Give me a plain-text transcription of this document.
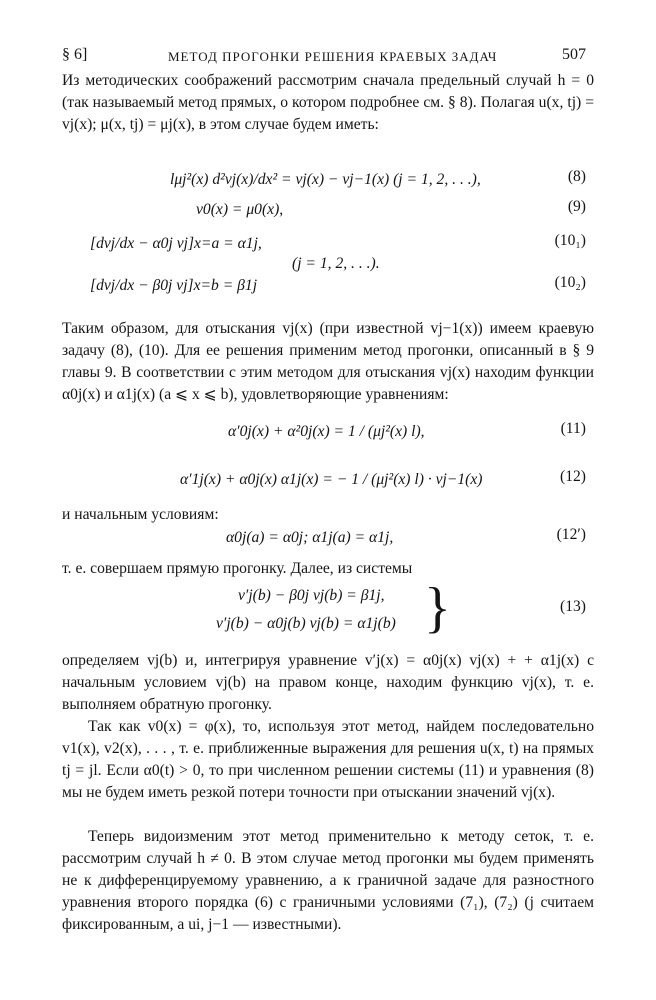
§ 6]	МЕТОД ПРОГОНКИ РЕШЕНИЯ КРАЕВЫХ ЗАДАЧ	507
Из методических соображений рассмотрим сначала предельный случай h = 0 (так называемый метод прямых, о котором подробнее см. § 8). Полагая u(x, tj) = vj(x); μ(x, tj) = μj(x), в этом случае будем иметь:
lμj²(x) d²vj(x)/dx² = vj(x) − vj−1(x) (j = 1, 2, . . .),	(8)
v0(x) = μ0(x),	(9)
[dvj/dx − α0j vj]x=a = α1j,	(10₁)
(j = 1, 2, . . .).
[dvj/dx − β0j vj]x=b = β1j	(10₂)
Таким образом, для отыскания vj(x) (при известной vj−1(x)) имеем краевую задачу (8), (10). Для ее решения применим метод прогонки, описанный в § 9 главы 9. В соответствии с этим методом для отыскания vj(x) находим функции α0j(x) и α1j(x) (a ⩽ x ⩽ b), удовлетворяющие уравнениям:
α′0j(x) + α²0j(x) = 1 / (μj²(x) l),	(11)
α′1j(x) + α0j(x) α1j(x) = − 1 / (μj²(x) l) · vj−1(x)	(12)
и начальным условиям:
α0j(a) = α0j; α1j(a) = α1j,	(12′)
т. е. совершаем прямую прогонку. Далее, из системы
v′j(b) − β0j vj(b) = β1j,
v′j(b) − α0j(b) vj(b) = α1j(b) }	(13)
определяем vj(b) и, интегрируя уравнение v′j(x) = α0j(x) vj(x) + + α1j(x) с начальным условием vj(b) на правом конце, находим функцию vj(x), т. е. выполняем обратную прогонку.
Так как v0(x) = φ(x), то, используя этот метод, найдем последовательно v1(x), v2(x), . . . , т. е. приближенные выражения для решения u(x, t) на прямых tj = jl. Если α0(t) > 0, то при численном решении системы (11) и уравнения (8) мы не будем иметь резкой потери точности при отыскании значений vj(x).
Теперь видоизменим этот метод применительно к методу сеток, т. е. рассмотрим случай h ≠ 0. В этом случае метод прогонки мы будем применять не к дифференцируемому уравнению, а к граничной задаче для разностного уравнения второго порядка (6) с граничными условиями (7₁), (7₂) (j считаем фиксированным, а ui, j−1 — известными).
